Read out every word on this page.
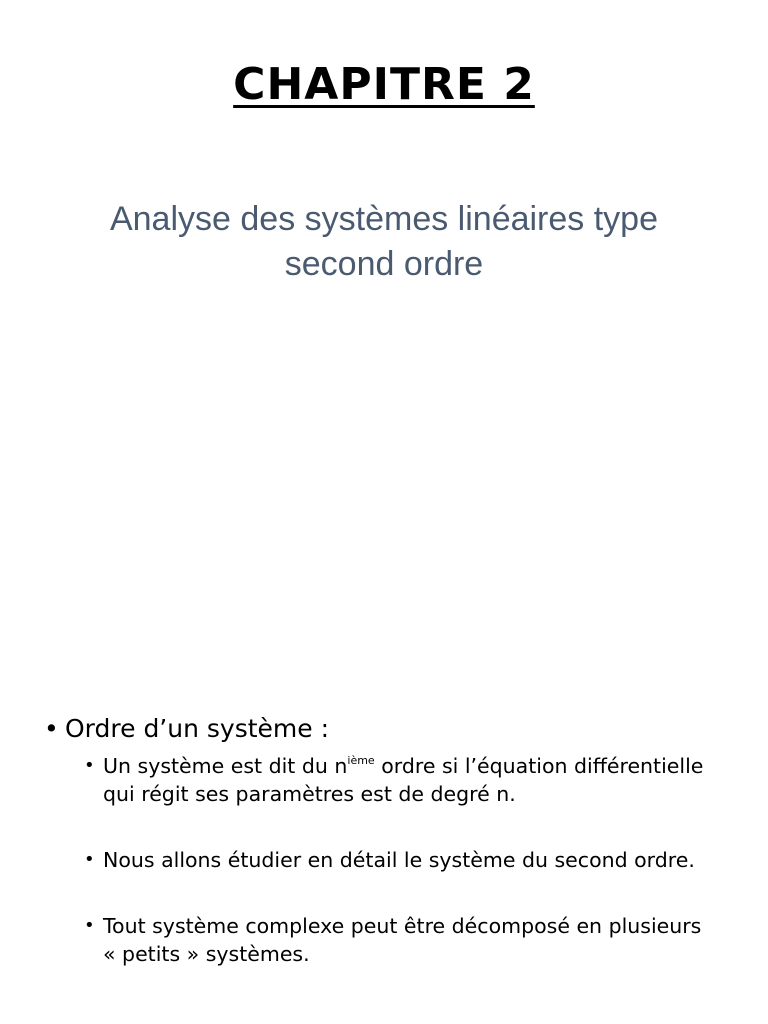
CHAPITRE 2
Analyse des systèmes linéaires type
second ordre
• Ordre d’un système :
• Un système est dit du $n^{ième}$ ordre si l’équation différentielle
qui régit ses paramètres est de degré n.
• Nous allons étudier en détail le système du second ordre.
• Tout système complexe peut être décomposé en plusieurs
« petits » systèmes.
